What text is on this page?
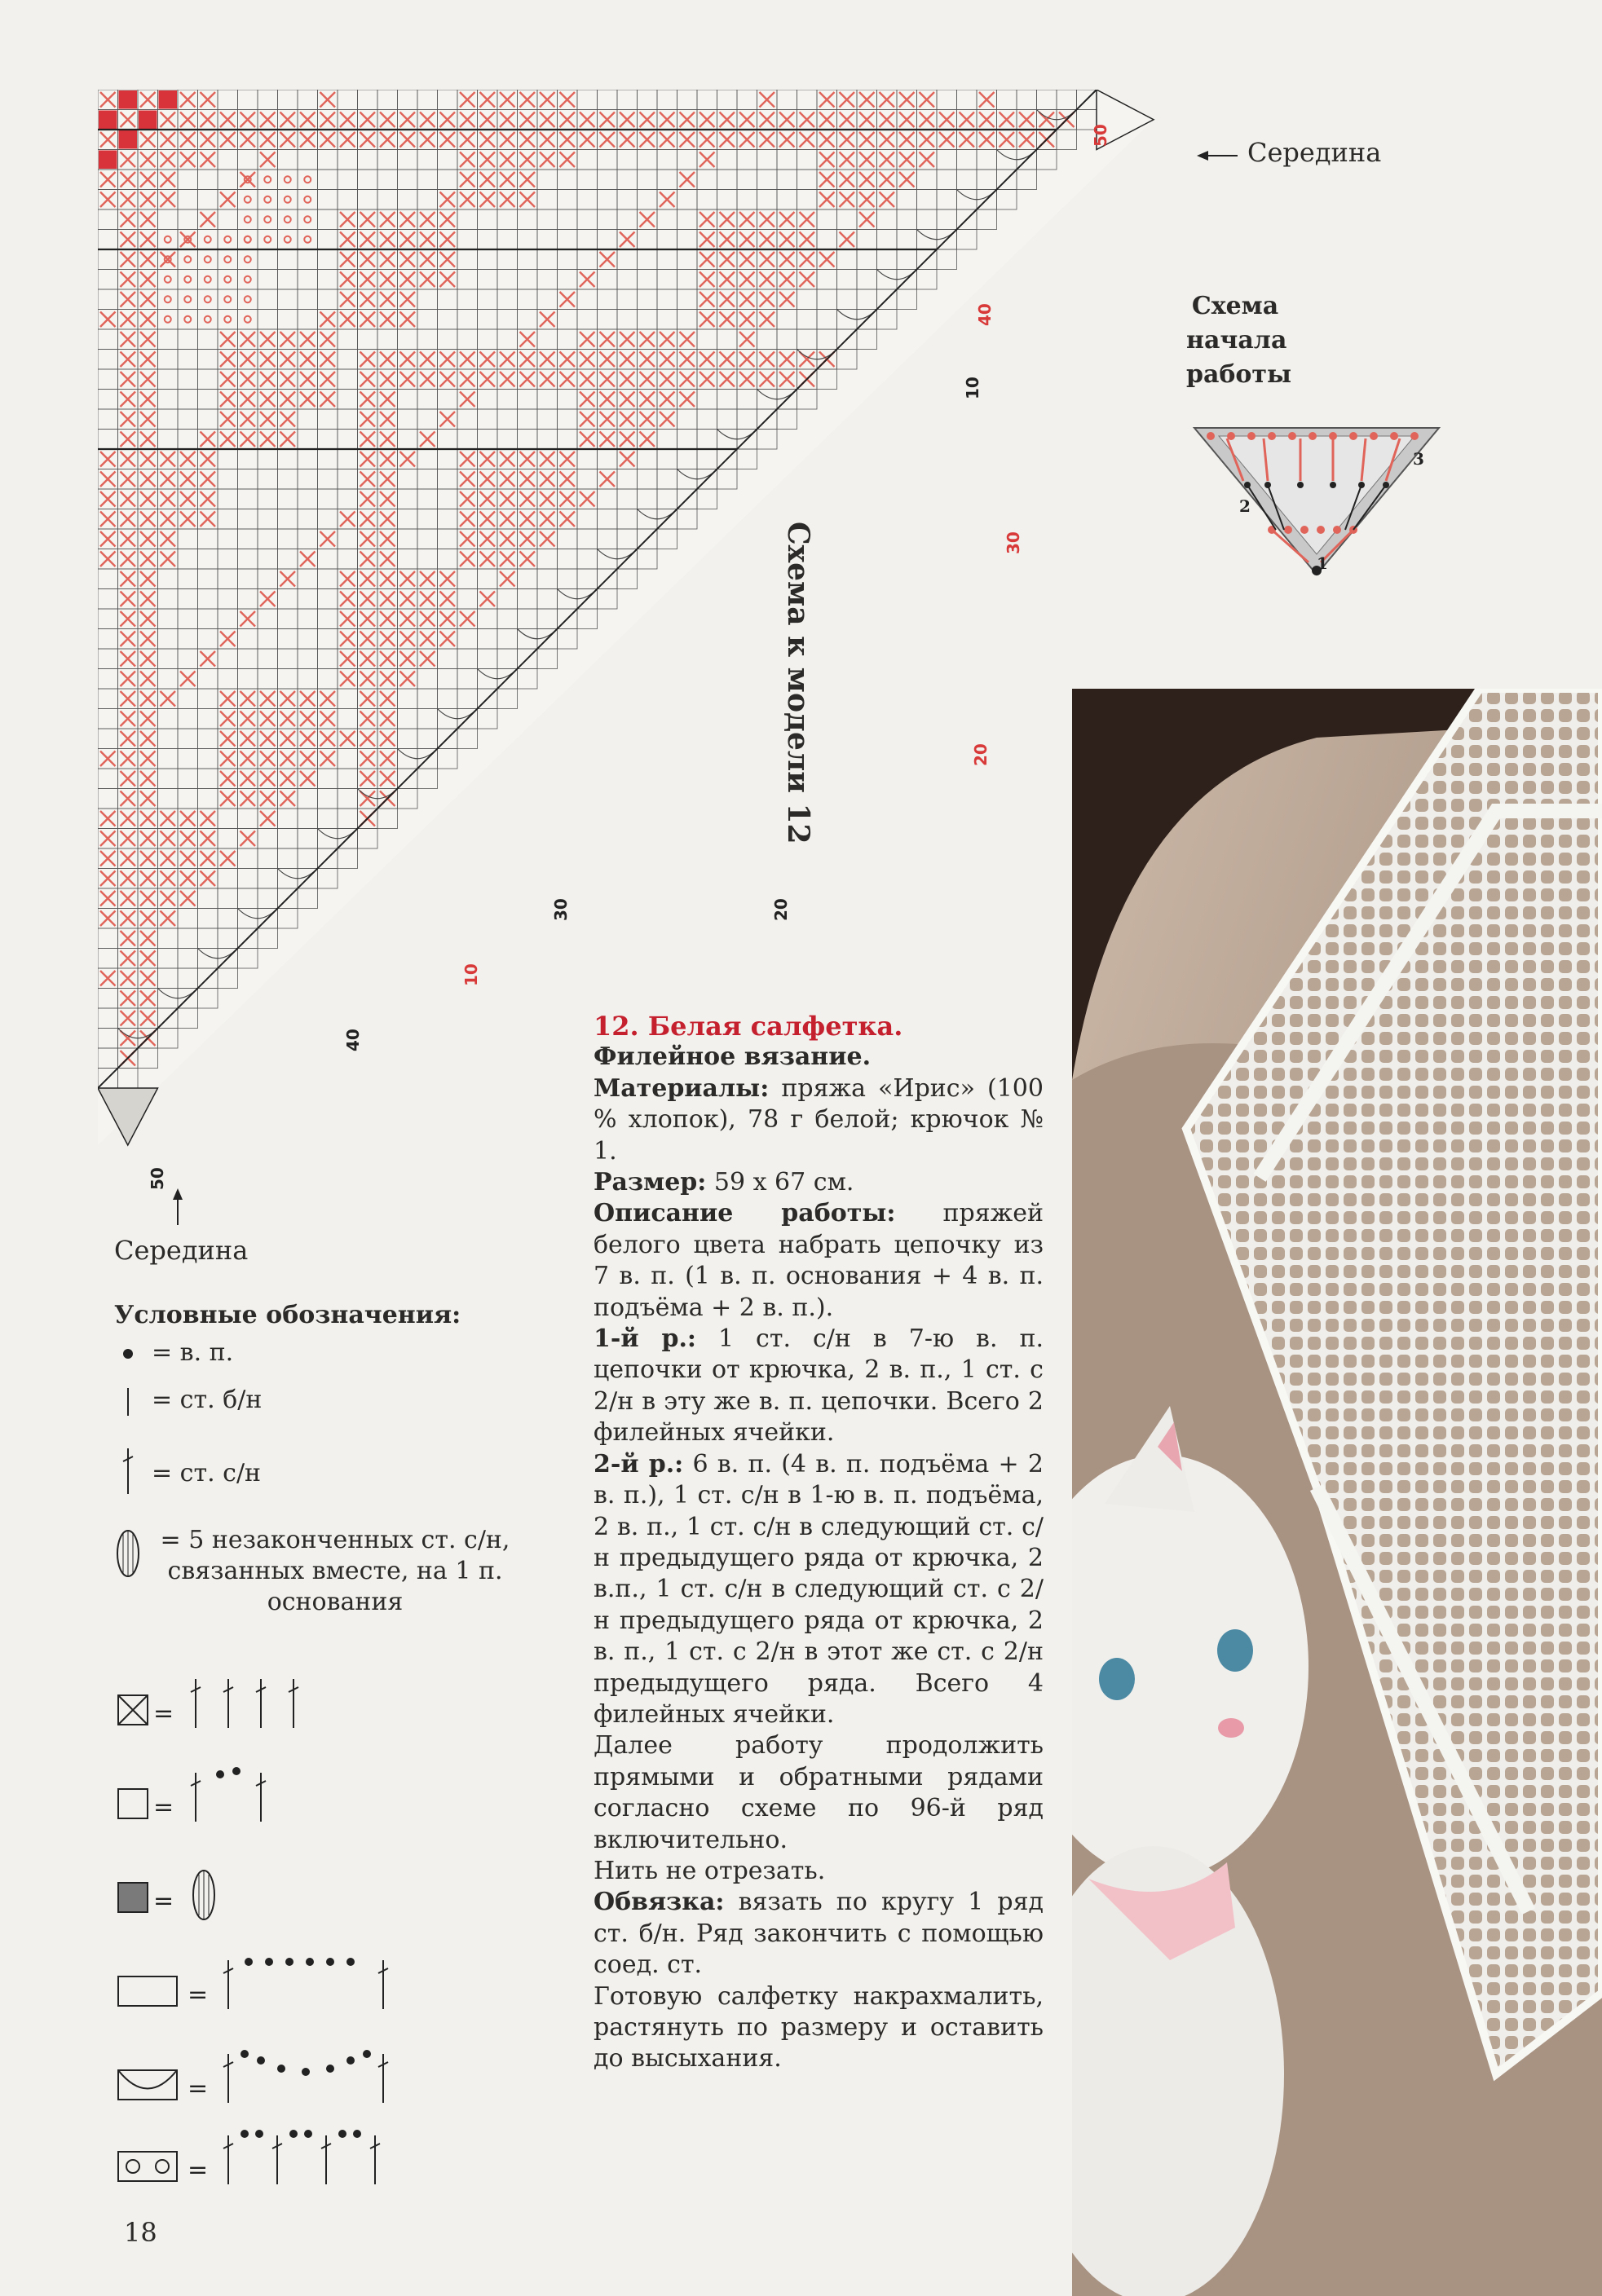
50
40
30
20
10
10
20
30
40
50
Середина
Середина
Схема к модели 12
Схема
начала
работы
1
2
3
Условные обозначения:
= в. п.
= ст. б/н
= ст. с/н
= 5 незаконченных ст. с/н, связанных вместе, на 1 п. основания
=
=
=
=
=
=

12. Белая салфетка.

Филейное вязание.

Материалы: пряжа «Ирис» (100 % хлопок), 78 г белой; крючок № 1.

Размер: 59 х 67 см.

Описание работы: пряжей белого цвета набрать цепочку из 7 в. п. (1 в. п. основания + 4 в. п. подъёма + 2 в. п.).

1-й р.: 1 ст. с/н в 7-ю в. п. цепочки от крючка, 2 в. п., 1 ст. с 2/н в эту же в. п. цепочки. Всего 2 филейных ячейки.

2-й р.: 6 в. п. (4 в. п. подъёма + 2 в. п.), 1 ст. с/н в 1-ю в. п. подъёма, 2 в. п., 1 ст. с/н в следующий ст. с/н предыдущего ряда от крючка, 2 в.п., 1 ст. с/н в следующий ст. с 2/н предыдущего ряда от крючка, 2 в. п., 1 ст. с 2/н в этот же ст. с 2/н предыдущего ряда. Всего 4 филейных ячейки.

Далее работу продолжить прямыми и обратными рядами согласно схеме по 96-й ряд включительно.

Нить не отрезать.

Обвязка: вязать по кругу 1 ряд ст. б/н. Ряд закончить с помощью соед. ст.

Готовую салфетку накрахмалить, растянуть по размеру и оставить до высыхания.

18
